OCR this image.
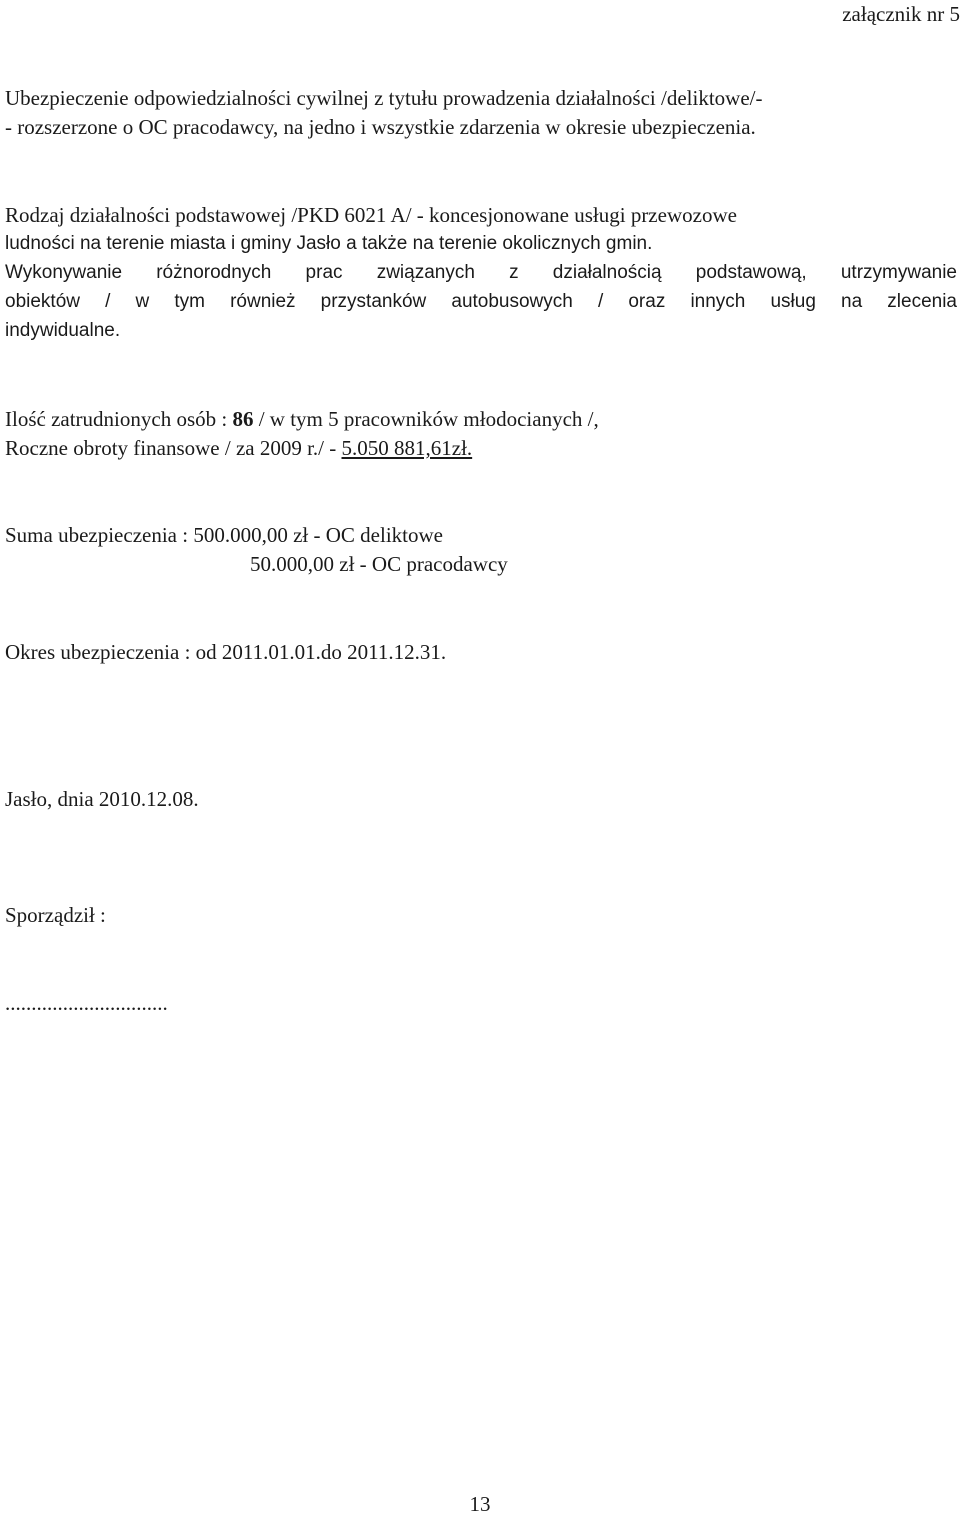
załącznik nr 5
Ubezpieczenie odpowiedzialności cywilnej z tytułu prowadzenia działalności /deliktowe/-
- rozszerzone o OC pracodawcy, na jedno i wszystkie zdarzenia w okresie ubezpieczenia.
Rodzaj działalności podstawowej /PKD 6021 A/ - koncesjonowane usługi przewozowe
ludności na terenie miasta i gminy Jasło a także na terenie okolicznych gmin.
Wykonywanie różnorodnych prac związanych z działalnością podstawową, utrzymywanie
obiektów / w tym również przystanków autobusowych / oraz innych usług na zlecenia
indywidualne.
Ilość zatrudnionych osób : 86 / w tym 5 pracowników młodocianych /,
Roczne obroty finansowe / za 2009 r./ - 5.050 881,61zł.
Suma ubezpieczenia : 500.000,00 zł - OC deliktowe
50.000,00 zł - OC pracodawcy
Okres ubezpieczenia : od 2011.01.01.do 2011.12.31.
Jasło, dnia 2010.12.08.
Sporządził :
...............................
13
